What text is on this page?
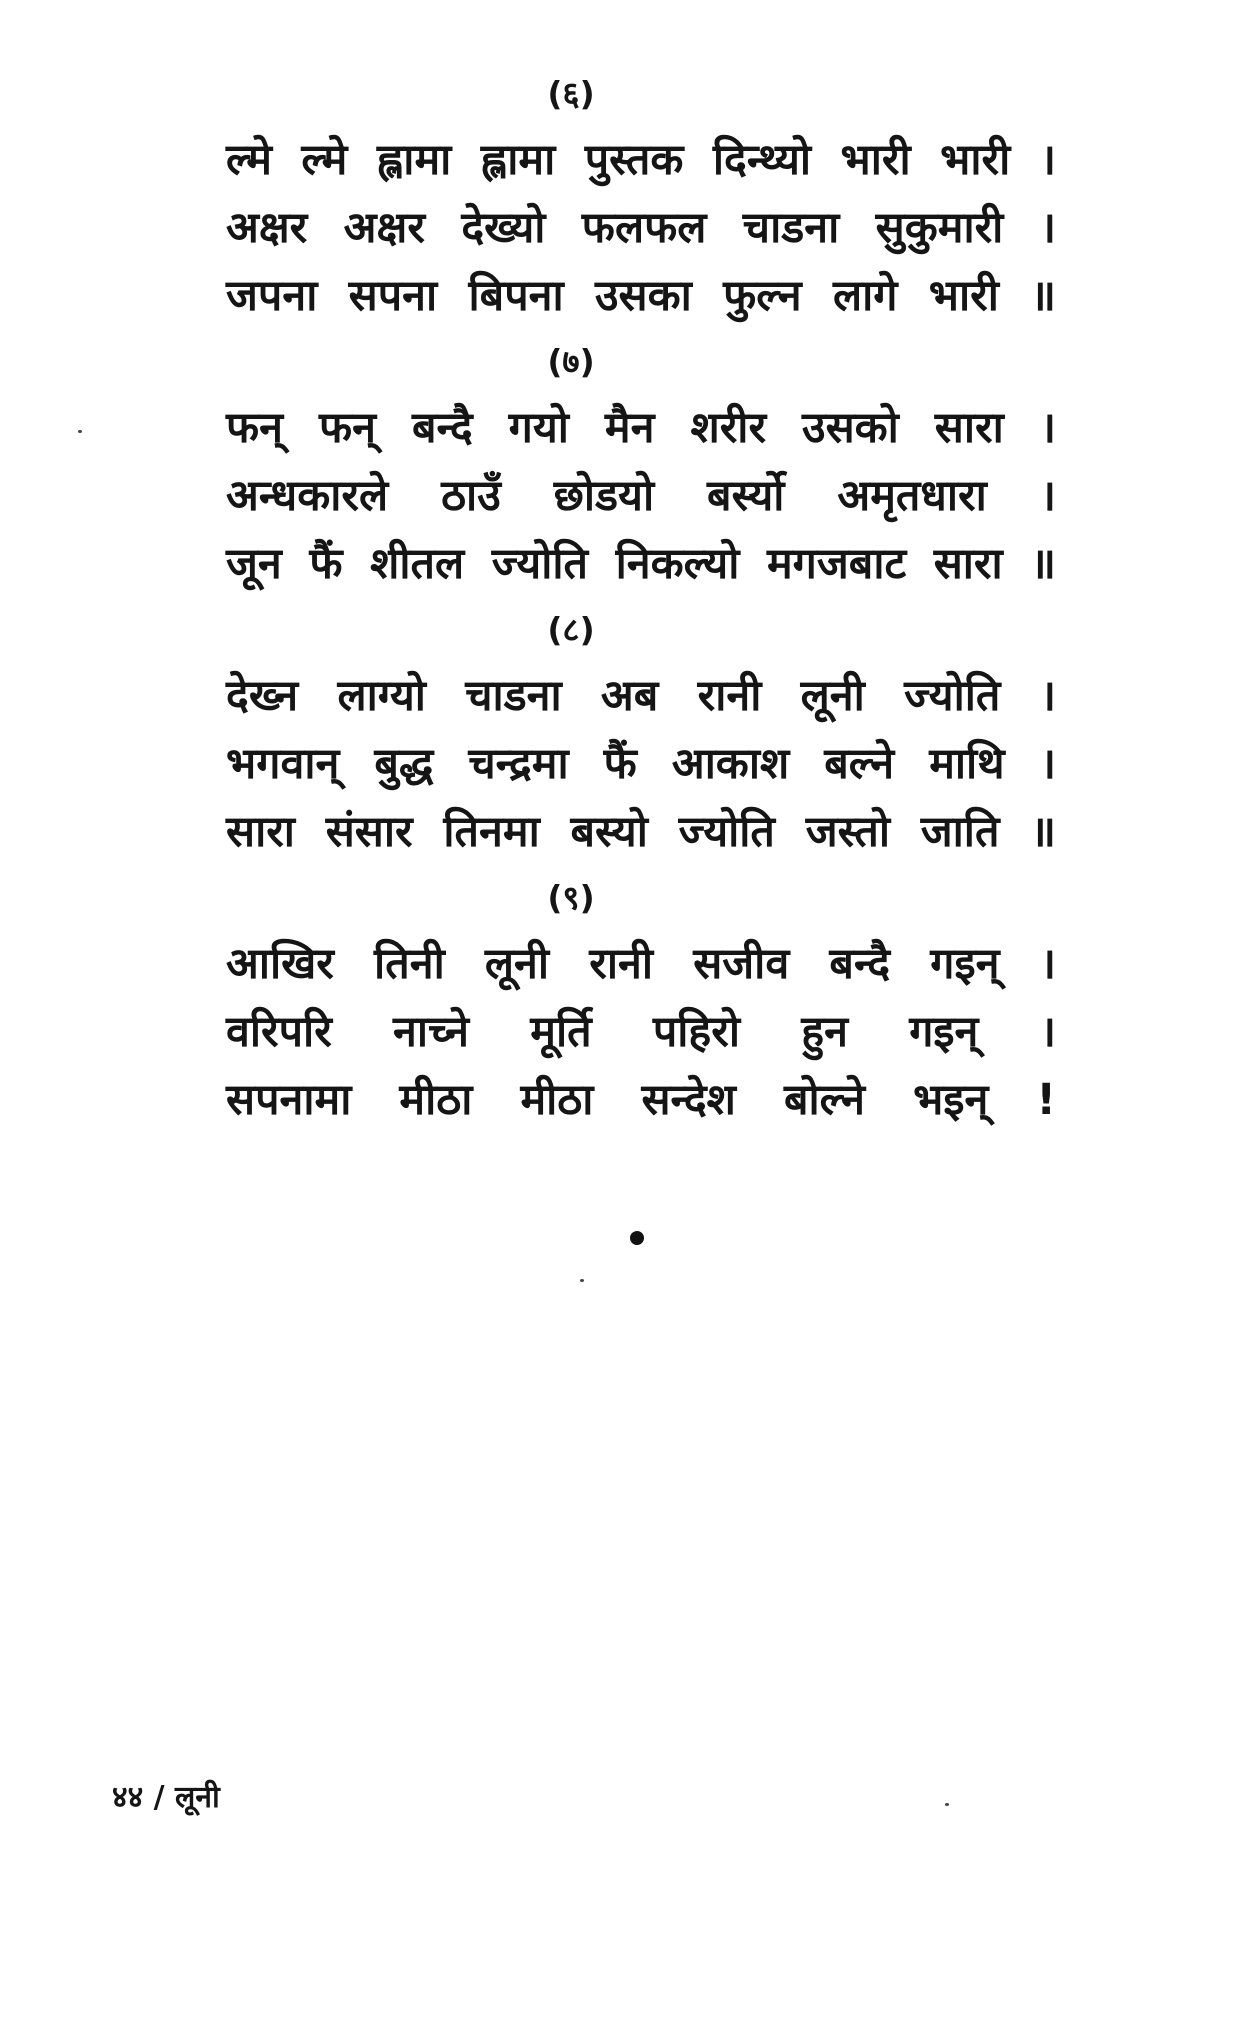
(६)
ल्मे ल्मे ह्लामा ह्लामा पुस्तक दिन्थ्यो भारी भारी ।
अक्षर अक्षर देख्यो फलफल चाडना सुकुमारी ।
जपना सपना बिपना उसका फुल्न लागे भारी ॥
(७)
फन् फन् बन्दै गयो मैन शरीर उसको सारा ।
अन्धकारले ठाउँ छोडयो बर्स्यो अमृतधारा ।
जून फैं शीतल ज्योति निकल्यो मगजबाट सारा ॥
(८)
देख्न लाग्यो चाडना अब रानी लूनी ज्योति ।
भगवान् बुद्ध चन्द्रमा फैं आकाश बल्ने माथि ।
सारा संसार तिनमा बस्यो ज्योति जस्तो जाति ॥
(९)
आखिर तिनी लूनी रानी सजीव बन्दै गइन् ।
वरिपरि नाच्ने मूर्ति पहिरो हुन गइन् ।
सपनामा मीठा मीठा सन्देश बोल्ने भइन् !
४४ / लूनी
